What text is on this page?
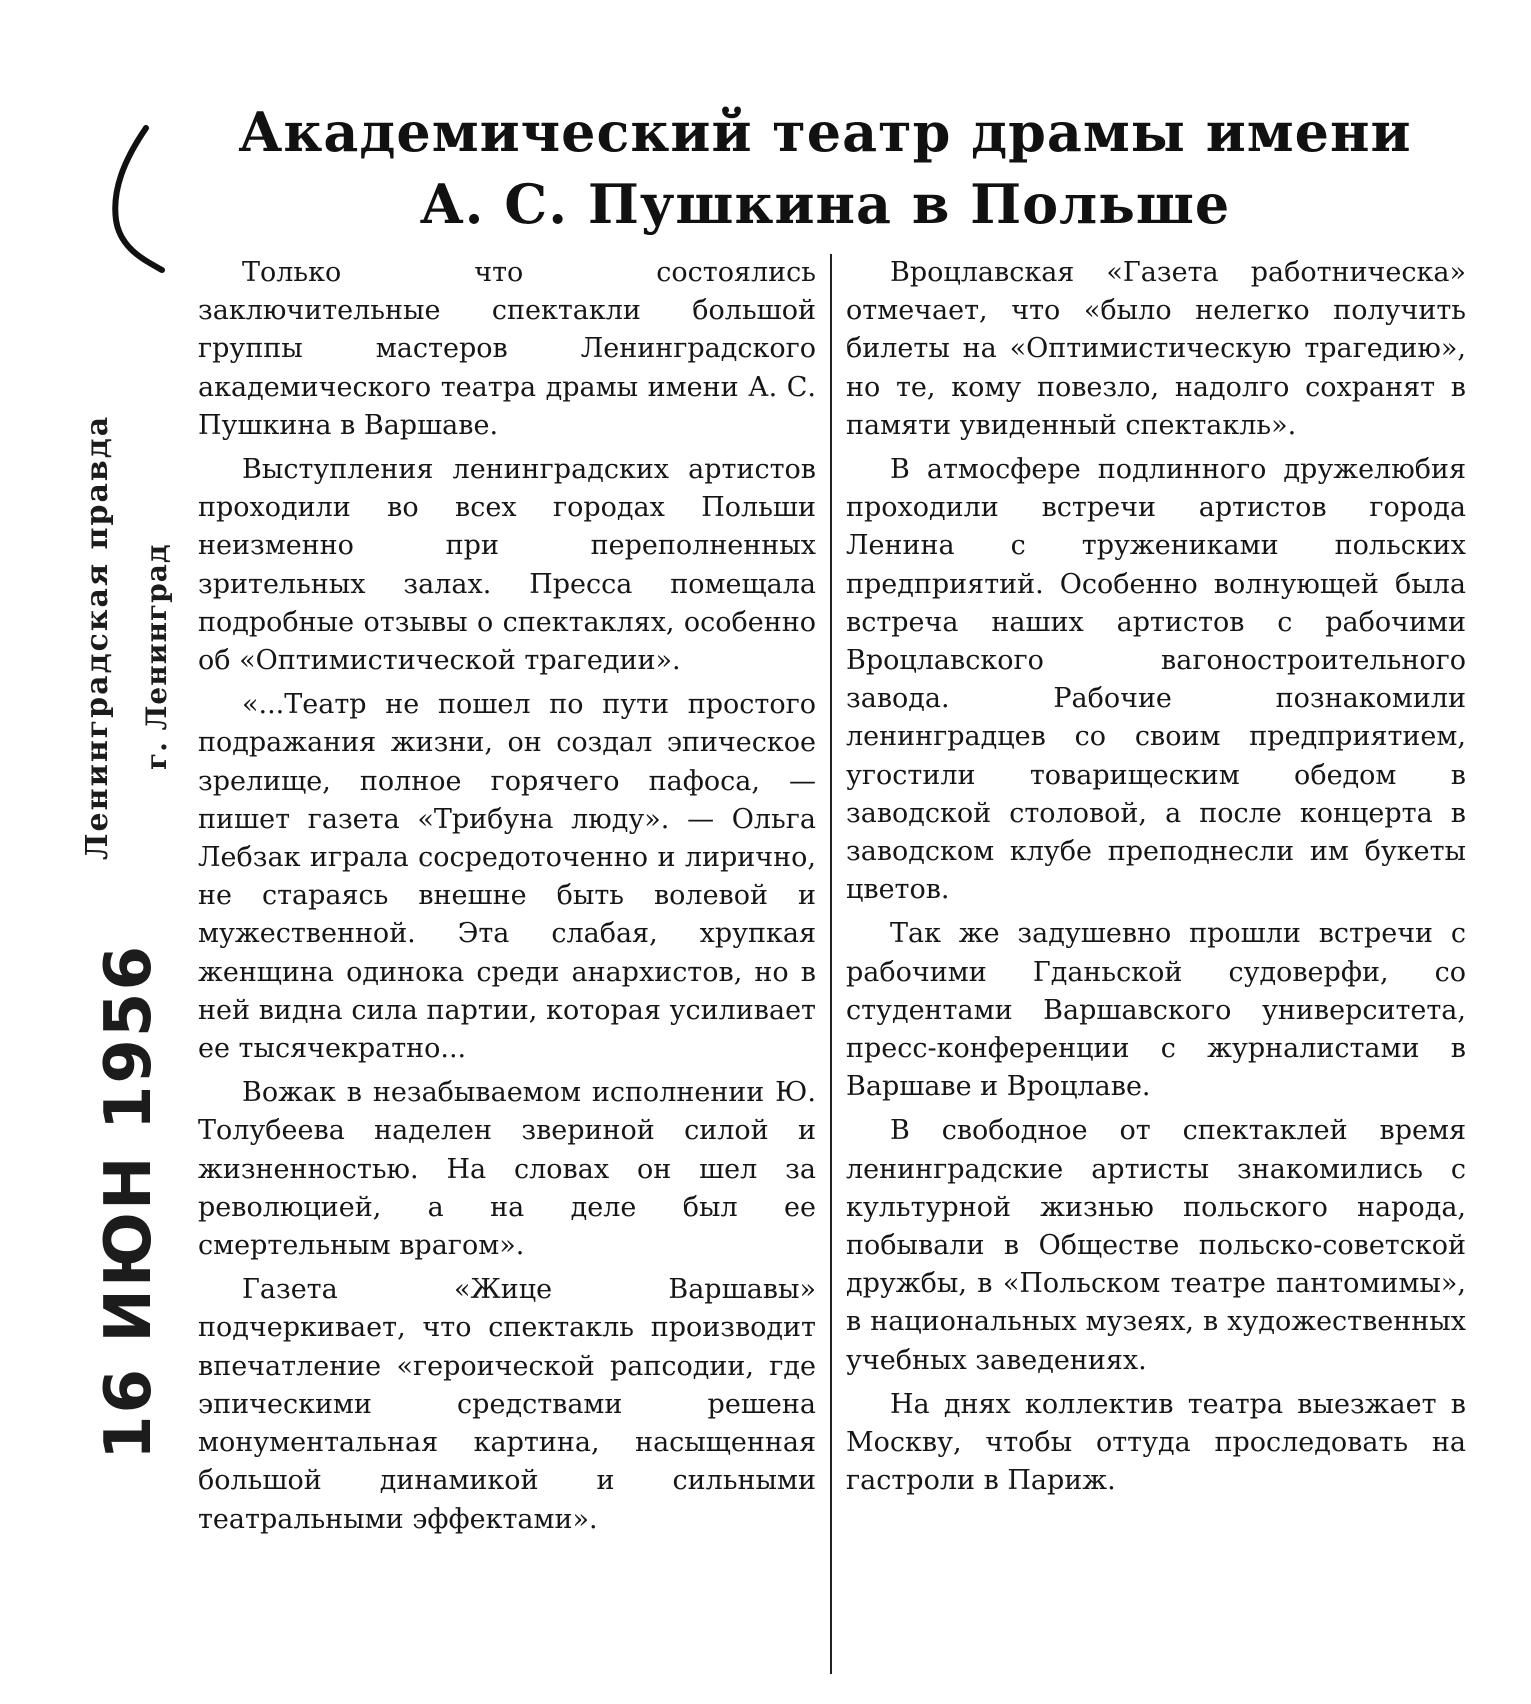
Ленинградская правда г. Ленинград
16 ИЮН 1956
Академический театр драмы имени
А. С. Пушкина в Польше

Только что состоялись заключительные спектакли большой группы мастеров Ленинградского академического театра драмы имени А. С. Пушкина в Варшаве.

Выступления ленинградских артистов проходили во всех городах Польши неизменно при переполненных зрительных залах. Пресса помещала подробные отзывы о спектаклях, особенно об «Оптимистической трагедии».

«...Театр не пошел по пути простого подражания жизни, он создал эпическое зрелище, полное горячего пафоса, — пишет газета «Трибуна люду». — Ольга Лебзак играла сосредоточенно и лирично, не стараясь внешне быть волевой и мужественной. Эта слабая, хрупкая женщина одинока среди анархистов, но в ней видна сила партии, которая усиливает ее тысячекратно...

Вожак в незабываемом исполнении Ю. Толубеева наделен звериной силой и жизненностью. На словах он шел за революцией, а на деле был ее смертельным врагом».

Газета «Жице Варшавы» подчеркивает, что спектакль производит впечатление «героической рапсодии, где эпическими средствами решена монументальная картина, насыщенная большой динамикой и сильными театральными эффектами».

Вроцлавская «Газета работническа» отмечает, что «было нелегко получить билеты на «Оптимистическую трагедию», но те, кому повезло, надолго сохранят в памяти увиденный спектакль».

В атмосфере подлинного дружелюбия проходили встречи артистов города Ленина с тружениками польских предприятий. Особенно волнующей была встреча наших артистов с рабочими Вроцлавского вагоностроительного завода. Рабочие познакомили ленинградцев со своим предприятием, угостили товарищеским обедом в заводской столовой, а после концерта в заводском клубе преподнесли им букеты цветов.

Так же задушевно прошли встречи с рабочими Гданьской судоверфи, со студентами Варшавского университета, пресс-конференции с журналистами в Варшаве и Вроцлаве.

В свободное от спектаклей время ленинградские артисты знакомились с культурной жизнью польского народа, побывали в Обществе польско-советской дружбы, в «Польском театре пантомимы», в национальных музеях, в художественных учебных заведениях.

На днях коллектив театра выезжает в Москву, чтобы оттуда проследовать на гастроли в Париж.
